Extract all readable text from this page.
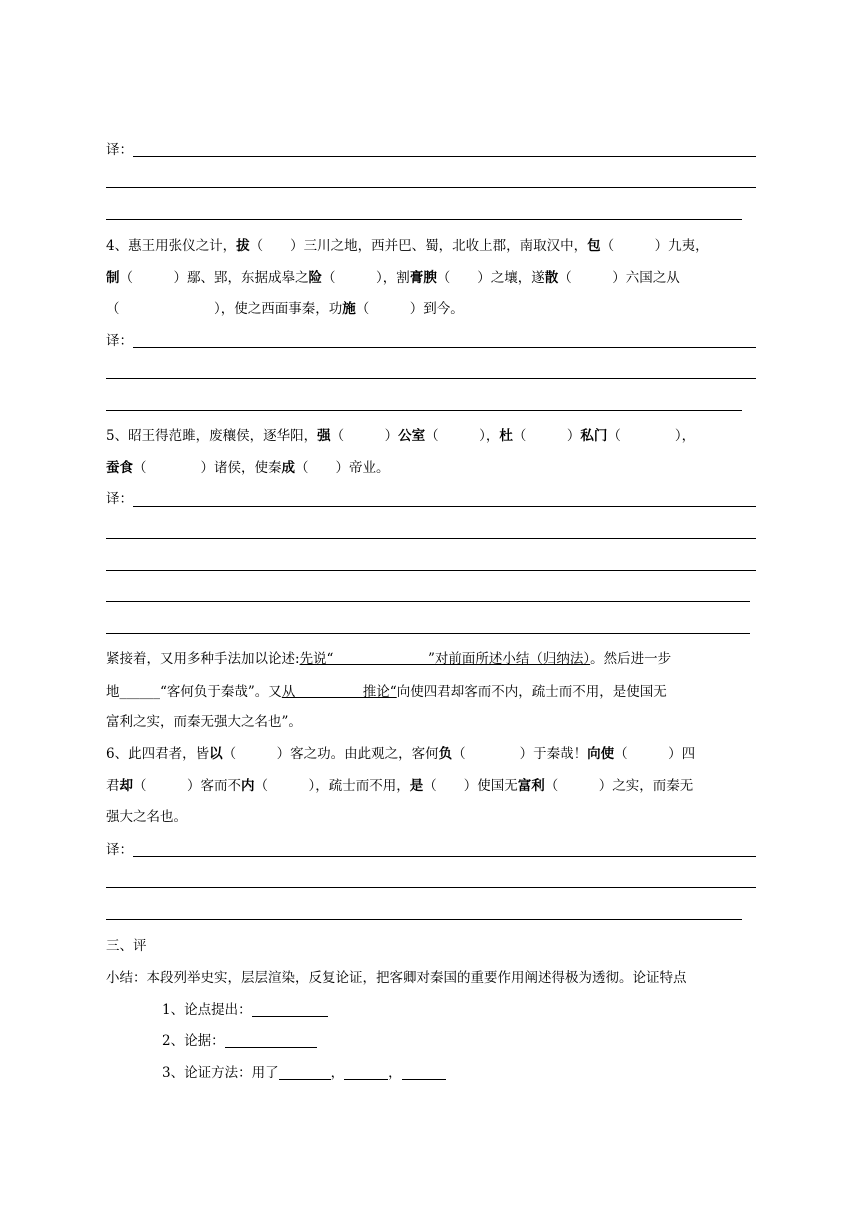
译：
4、惠王用张仪之计，拔（　　）三川之地，西并巴、蜀，北收上郡，南取汉中，包（　　　）九夷，
制（　　　）鄢、郢，东据成皋之险（　　　），割膏腴（　　）之壤，遂散（　　　）六国之从
（　　　　　　　），使之西面事秦，功施（　　　）到今。
译：
5、昭王得范雎，废穰侯，逐华阳，强（　　　）公室（　　　），杜（　　　）私门（　　　　），
蚕食（　　　　）诸侯，使秦成（　　）帝业。
译：
紧接着，又用多种手法加以论述:先说“　　　　　　　”对前面所述小结（归纳法）。然后进一步
地______“客何负于秦哉”。又从　　　　　推论“向使四君却客而不内，疏士而不用，是使国无
富利之实，而秦无强大之名也”。
6、此四君者，皆以（　　　）客之功。由此观之，客何负（　　　　）于秦哉！向使（　　　）四
君却（　　　）客而不内（　　　），疏士而不用，是（　　）使国无富利（　　　）之实，而秦无
强大之名也。
译：
三、评
小结：本段列举史实，层层渲染，反复论证，把客卿对秦国的重要作用阐述得极为透彻。论证特点
1、论点提出：
2、论据：
3、论证方法：用了	，	，
